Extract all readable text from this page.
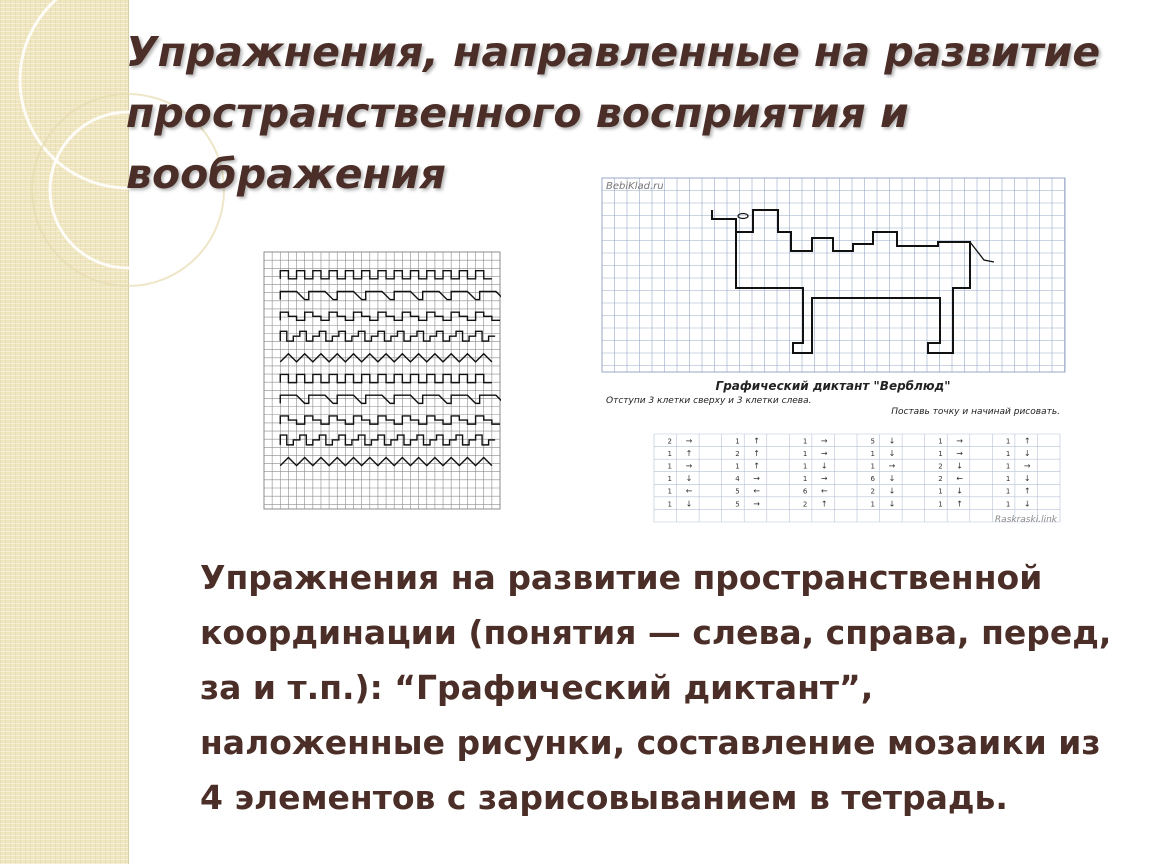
Упражнения, направленные на развитие пространственного восприятия и воображения	BebiKlad.ru
Графический диктант "Верблюд"
Отступи 3 клетки сверху и 3 клетки слева.
Поставь точку и начинай рисовать.
Raskraski.link
2 →	1 ↑	1 →	5 ↓	1 →	1 ↑
1 ↑	2 ↑	1 →	1 ↓	1 →	1 ↓
1 →	1 ↑	1 ↓	1 →	2 ↓	1 →
1 ↓	4 →	1 →	6 ↓	2 ←	1 ↓
1 ←	5 ←	6 ←	2 ↓	1 ↓	1 ↑
1 ↓	5 →	2 ↑	1 ↓	1 ↑	1 ↓

Упражнения на развитие пространственной координации (понятия — слева, справа, перед, за и т.п.): “Графический диктант”, наложенные рисунки, составление мозаики из 4 элементов с зарисовыванием в тетрадь.
